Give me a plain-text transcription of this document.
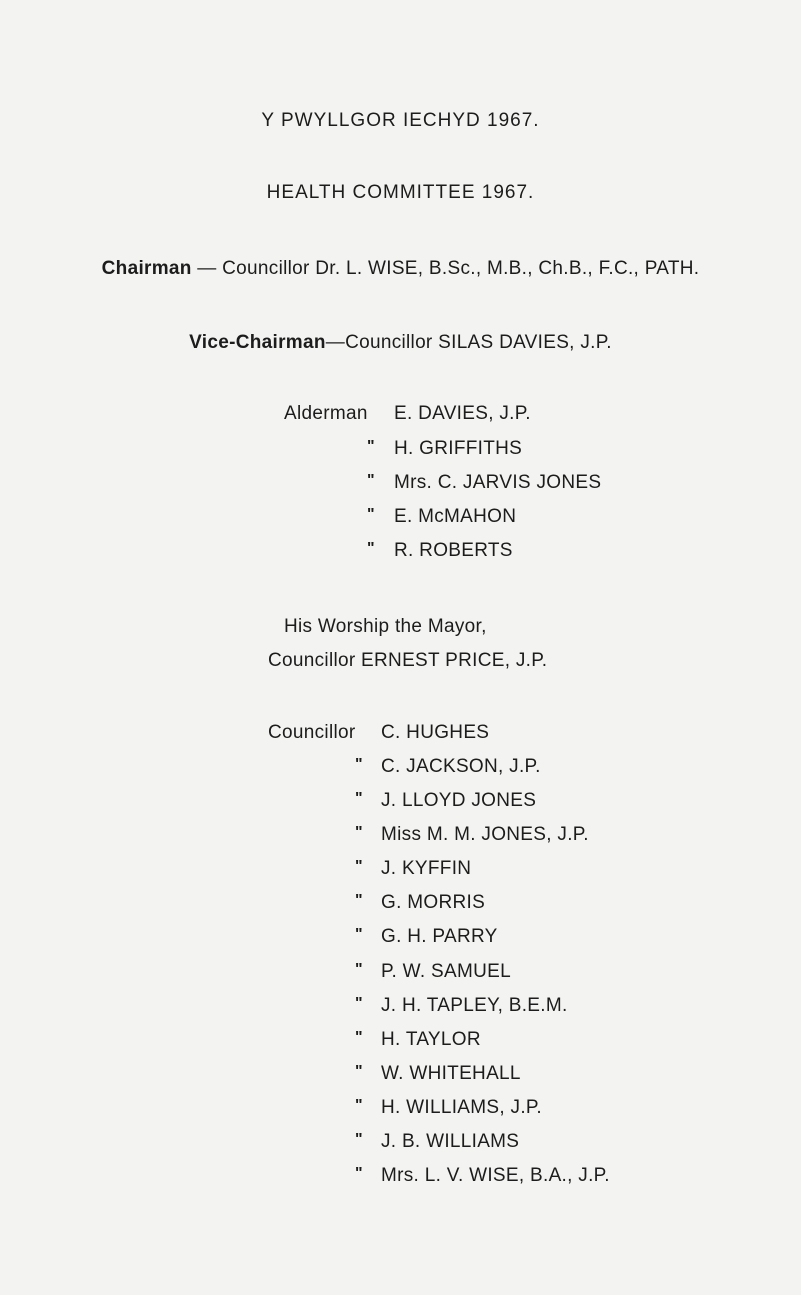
Y PWYLLGOR IECHYD 1967.
HEALTH COMMITTEE 1967.
Chairman — Councillor Dr. L. WISE, B.Sc., M.B., Ch.B., F.C., PATH.
Vice-Chairman—Councillor SILAS DAVIES, J.P.
Alderman E. DAVIES, J.P.
" H. GRIFFITHS
" Mrs. C. JARVIS JONES
" E. McMAHON
" R. ROBERTS
His Worship the Mayor,
Councillor ERNEST PRICE, J.P.
Councillor C. HUGHES
" C. JACKSON, J.P.
" J. LLOYD JONES
" Miss M. M. JONES, J.P.
" J. KYFFIN
" G. MORRIS
" G. H. PARRY
" P. W. SAMUEL
" J. H. TAPLEY, B.E.M.
" H. TAYLOR
" W. WHITEHALL
" H. WILLIAMS, J.P.
" J. B. WILLIAMS
" Mrs. L. V. WISE, B.A., J.P.
